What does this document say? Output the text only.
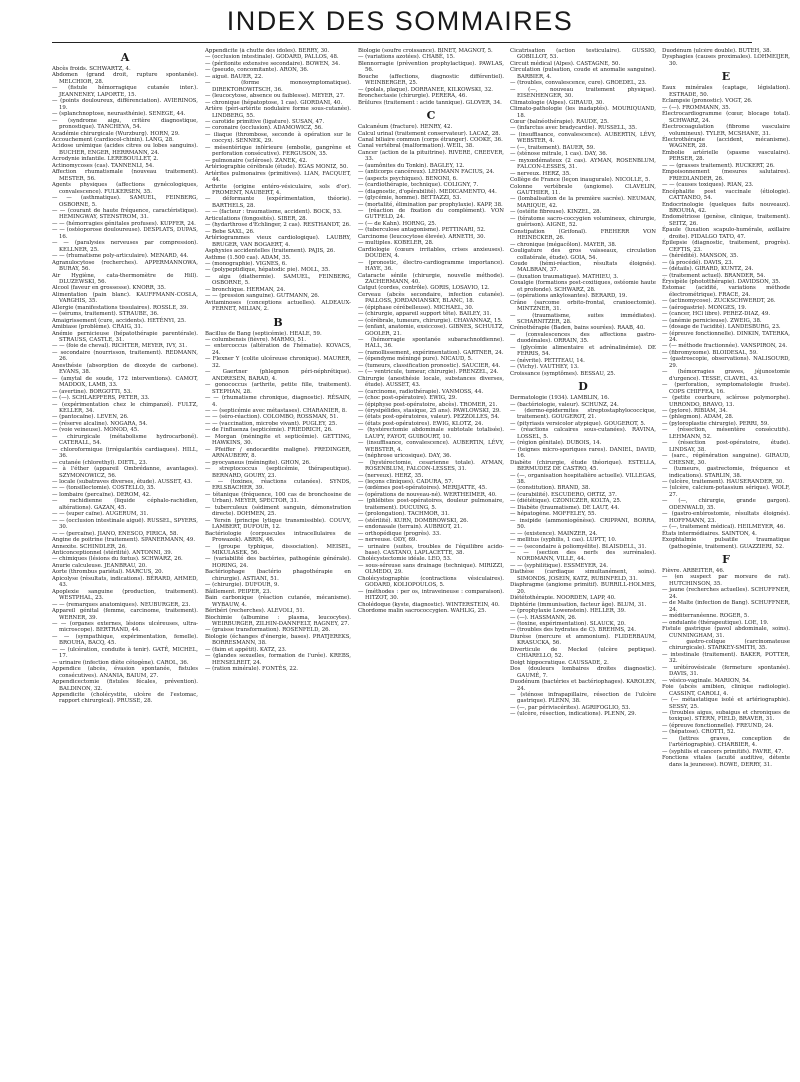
INDEX DES SOMMAIRES
A
Abcès froids. SCHWARTZ, 4.
Abdomen (grand droit, rupture spontanée). MELCHIOR, 28.
— (fistule hémorragique cutanée inter.). JEANNENEY, LAPORTE, 15.
— (points douloureux, différenciation). AVIERINOS, 19.
— (splanchnoptose, neurasthénie). SENEGE, 44.
— (syndrome aigu, critère diagnostique, pronostique). TANCHEVA, 54.
Académie chirurgicale (Wurzburg). HORN, 29.
Accouchement (cardiocol-chinin). LANG, 28.
Acidose urémique (acides citres ou lobes sanguins). BUCHER, ENGER, HERRMANN, 24.
Acrodynie infantile. LEREBOULLET, 2.
Actinomycoses (cas). TANNENLI, 54.
Affection rhumatismale (nouveau traitement). MESTER, 56.
Agents physiques (affections gynécologiques, convalescence). FULKERSEN, 35.
— — (asthmatique). SAMUEL, FEINBERG, OSBORNE, 5.
— — (courant de haute fréquence, caractéristique). HEMINGWAY, STENSTROM, 31.
— — (hémorragies génitales profuses). KUPFER, 24.
— — (ostéoporose douloureuse). DESPLATS, DUPAS, 16.
— — (paralysies nerveuses par compression). KELLNER, 25.
— — (rhumatisme poly-articulaire). MENARD, 44.
Agranulocytose (recherches). APPERMANNOWA, BURAY, 56.
Air Hygiène, cata-thermomètre de Hill). DLUZEWSKI, 56.
Alcool (faveur en grossesse). KNORR, 35.
Alimentation (pain blanc). KAUFFMANN-COSLA, VARGHIS, 35.
Allergie (manifestations tissulaires). ROSSLE, 39.
— (sérums, traitement). STRAUBE, 36.
Amaigrissement (cure, accidents). HETÉNYI, 25.
Amibiase (problème). CRAIG, 31.
Anémie pernicieuse (hépatothérapie parentérale). STRAUSS, CASTLE, 31.
— — (foie de cheval). RICHTER, MEYER, IVY, 31.
— secondaire (nourrisson, traitement). REDMANN, 26.
Anesthésie (absorption de dioxyde de carbone). EVANS, 38.
— (amytal de soude, 172 interventions). CAMOT, MADDOX, LAMB, 33.
— (avertine). BORGOTTI, 53.
— (—). SCHLAEPFERS, PETER, 33.
— (expérimentation chez le chimpanzé). FULTZ, KELLER, 34.
— (pantocaïne). LEVEN, 26.
— (réserve alcaline). NOGARA, 54.
— (voie veineuse). MONOD, 45.
— chirurgicale (métabolisme hydrocarboné). CATERALL, 54.
— chloroformique (irrégularités cardiaques). HILL, 36.
— cutanée (chlorethyl). DIETL, 23.
— à l'éther (appareil Ombrédanne, avantages). SZYMONOWICZ, 56.
— locale (subatraves diverses, étude). AUSSET, 43.
— — (tonsillectomie). COSTELLO, 35.
— lombaire (percaïne). DEROM, 42.
— rachidienne (liquide céphalo-rachidien, altérations). GAZAN, 45.
— — (super caïne). AUGERUM, 31.
— — (occlusion intestinale aiguë). RUSSEL, SPYERS, 30.
— — (percaïne). JIANO, ENESCO, FIRICA, 58.
Angine de poitrine (traitement). SPANERMANN, 49.
Annexite. SCHINDLER, 26.
Anticonceptionnel (stérilité). ANTONNI, 39.
— chimiques (lésions du fœtus). SCHWARZ, 26.
Anurie calculeuse. JEANBRAU, 20.
Aorte (thrombus pariétal). MARCUS, 20.
Apicolyse (résultats, indications). BÉRARD, AHMED, 43.
Apoplexie sanguine (production, traitement). WESTPHAL, 23.
— — (remarques anatomiques). NEUBURGER, 23.
Appareil génital (femme, carcinome, traitement). WERNER, 39.
— — (organes externes, lésions ulcéreuses, ultra-microscope). BERTRAND, 44.
— — (sympathique, expérimentation, femelle). BROUHA, BACQ, 45.
— — (ulcération, conduite à tenir). GATÉ, MICHEL, 17.
— urinaire (infection diète cétogène). CAROL, 36.
Appendice (abcès, évasion spontanée, fistules consécutives). ANANIA, BAIUM, 27.
Appendicectomie (fistules fécales, prévention). BALDINON, 32.
Appendicite (cholécystite, ulcère de l'estomac, rapport chirurgical). PRUSSE, 28.
Appendicite (à chutte des idoles). BERRY, 30.
— (occlusion intestinale). GODARD, PALLOS, 48.
— (péritonite extensive secondaire). BOWEN, 34.
— (pseudo, concomitante). ARON, 36.
— aiguë. BAUER, 22.
— (forme monosymptomatique). DIREKTOROWITSCH, 36.
— (leucocytose, absence ou faiblesse). MEYER, 27.
— chronique (hépatoptose, 1 cas). GIORDANI, 40.
Artère (péri-artérite nodulaire forme sous-cutanée). LINDBERG, 55.
— carotide primitive (ligature). SUSAN, 47.
— coronaire (occlusion). ADAMOWICZ, 56.
— iliaque (thrombose, seconde à opération sur le coccyx). SENNEK, 29.
— mésentérique inférieure (embolie, gangrène et perforation consécutive). FERGUSON, 35.
— pulmonaire (sclérose). ZANEK, 42.
Artériographie cérébrale (étude). EGAS MONIZ, 50.
Artérites pulmonaires (primitives). LIAN, FACQUET, 44.
Arthrite (origine entéro-vésiculaire, sols d'or). FROMENT, NAUBERT, 4.
— déformante (expérimentation, théorie). BARTHELS, 28.
— — (facteur : traumatisme, accident). BOCK, 53.
Articulations (fongosités). SIBER, 28.
— (hydarthrose d'Echlinger, 2 cas). RESTHANDT, 26.
— Bebe SAXL, 26.
Artériogrammes vieux cardiologique). LAUBRY, BRUGER, VAN BOGAERT, 4.
Asphyxies accidentelles (traitement). PAJIS, 26.
Asthme (1.500 cas). ADAM, 35.
— (monographie). VIGNES, 6.
— (polypeptidique, hépatodic pie). MOLL, 35.
— aigu (diathermie). SAMUEL, FEINBERG, OSBORNE, 5.
— bronchique. HERMAN, 24.
— — (pression sanguine). GUTMANN, 26.
Avitaminoses (conceptions actuelles). ALDEAUX-FERNET, MILIAN, 2.
B
Bacillus de Bang (septicémie). HEALE, 59.
— columbensis (fièvre). MARMO, 51.
— entercoccus (altération de l'hématie). KOVACS, 24.
— Flexner Y (colite ulcéreuse chronique). MAURER, 32.
— Gaertner (phlegmon péri-néphrétique). ANDRESEN, BARAD, 4.
— gonococcus (arthrite, petite fille, traitement). STEPHAN, 28.
— — (rhumatisme chronique, diagnostic). RÉSAIN, 4.
— — (septicémie avec métastases). CHARANIER, 8.
— — (séro-réaction). COLOMBO, ROSSMAN, 51.
— — (vaccination, microbe vivant). PUGLEY, 25.
— de l'influenza (septicémie). FRIEDRICH, 26.
— Morgan (méningite et septicémie). GETTING, HAWKINS, 30.
— Pfeiffer / endocardite maligne). FREDINGER, ARNAUBERY, 8.
— pyocyaneus (méningite). GHON, 26.
— streptococcus (septicémie, thérapeutique). BERNARD, GOURY, 23.
— — (toxines, réactions cutanées). SYNDS, ERLSBACHER, 39.
— tétanique (fréquence, 100 cas de bronchosine de Urban). MEYER, SPECTOR, 31.
— tuberculeux (sédiment sanguin, démonstration directe). DOHMEN, 25.
— Yersin (principe lytique transmissible). COUVY, LAMBERT, DUFOUR, 12.
Bactériologie (corpuscules intracellulaires de Prowazek). ABRIN, 46.
— (groupe typhique, dissociation). MEISEL, MIKULASEK, 56.
— (variabilité des bactéries, pathogénie générale). HORING, 24.
Bactériophage (bactério phagothérapie en chirurgie). ASTIANI, 51.
— (chirurgie). DUFOUR, 9.
Bâillement. PEIPER, 23.
Bain carbonique (réaction cutanée, mécanisme). WYBAUW, 4.
Béribéri (recherches). ALEVOLI, 51.
Biochimie (albumine : plasma, leucocytes). WEIRBURGER, ZILHIN-DANNFELT, RAGNEY, 27.
— (graisse transformation). ROSENFELD, 26.
Biologie (échanges d'énergie, bases). PRATJEREKS, BORRESMANN, 38.
— (faim et appétit). KATZ, 23.
— (glandes sexuelles, formation de l'urée). KREBS, HENSELREIT, 24.
— (ration minérale). FONTÈS, 22.
Biologie (soufre croissance). BINET, MAGNOT, 5.
— (variations azotées). CHABÉ, 15.
Blennorragie (prévention prophylactique). PAWLAS, 56.
Bouche (affections, diagnostic différentiel). WEINBERGER, 25.
— (polals, plaque). DORRANEE, KILKOWSKI, 32.
Bronchectasie (chirurgie). PERERA, 46.
Brûlures (traitement : acide tannique). GLOVER, 34.
C
Calcanéum (fracture). HENRY, 42.
Calcul urinal (traitement conservateur). LACAZ, 28.
Canal biliaire commun (corps étranger). COOKE, 36.
Canal vertébral (malformation). WEIL, 38.
Cancer (action de la pituitrine). RIVERE, CREEVER, 33.
— (aumônites du Tonkin). BAGLEY, 12.
— (anticorps cancéreux). LEHMANN FACIUS, 24.
— (aspects psychiques). BENONI, 6.
— (cardiothérapie, technique). COLIGNY, 7.
— (diagnostic, d'opérabilité). MEDICAMENTO, 44.
— (glycémie, homme). BETTAZZI, 53.
— (mortalité, élimination par prophylaxie). KAPP, 38.
— (réaction de fixation du complément). VON GUTFELD, 24.
— (— de Kahn). HORNG, 25.
— (tuberculose antagonisme). PETTINARI, 52.
Carcinome (leucocytose élevée). ARNETH, 30.
— multiples. KOBELER, 28.
Cardiologie (cœurs irritables, crises anxieuses). DOUDEN, 4.
— (pronostic, électro-cardiogramme importance). HAYE, 36.
Cataracte sénile (chirurgie, nouvelle méthode). ZACHERMANN, 40.
Catgut (cordes, contrôle). GORIS, LOSAVIO, 12.
Cerveau (abcès secondaire, infection cutanée). PALLOSS, JORDANIANSKY, BLANC, 18.
— (épiphase cérébelleuse). MICHAEL, 30.
— (chirurgie, appareil support tête). BAILEY, 31.
— (cérébrale, tumeurs, chirurgie). CHAVANNAZ, 15.
— (enfant, anatomie, exsiccose). GIBNES, SCHULTZ, GOOLER, 21.
— (hémorragie spontanée subarachnoïdienne). HALL, 36.
— (ramollissement, expérimentation). GARTNER, 24.
— (épendyme méningé pure). NICAUD, 5.
— (tumeurs, classification pronostic). SAUCIER, 44.
— (— ventricule, tumeur, chirurgie). PRENZEL, 24.
Chirurgie (anesthésie locale, substances diverses, étude). AUSSET, 43.
— (carcinome, radiothérapie). VANMOSS, 44.
— (choc post-opératoire). EWIG, 29.
— (épiphyse post-opératoire, abcès). TROMER, 21.
— (érysipélides, stasique, 25 ans). PAWLOWSKI, 29.
— (états post-opératoires, valeur). PEZZOLLES, 54.
— (états post-opératoires). EWIG, KLOTZ, 24.
— (hystérectomie abdominale subtotale totalisée). LAUFY, FAYOT, GUIBOURT, 10.
— (insuffisance, convalescence). AUBERTIN, LÉVY, WEBSTER, 4.
— (néphrose uricosique). DAY, 36.
— (hystérectomie, cesarienne totale). AYMAN, ROSENBLUM, FALCON-LESSES, 31.
— (nerveux). HERZ, 35.
— (leçons cliniques). CADURA, 57.
— (œdèmes post-opératoires). MERIJATTE, 45.
— (opérations de nouveau-né). WERTHEIMER, 40.
— (phlébites post-opératoires, douleur pulmonaire, traitement). DUCUING, 5.
— (prolongation). TACHMOR, 31.
— (stérilité). KURN, DOMBROWSKI, 26.
— endonasale (terrain). AUBRIOT, 21.
— orthopédique (progrès). 33.
— nerveuse. ODY, 69.
— urinaire (suites, troubles de l'équilibre acido-base). CASTANO, LAPLACETTE, 38.
Cholécystectomie idéale. LEO, 53.
— sous-séreuse sans drainage (technique). MIRIZZI, OLMEDO, 29.
Cholécystographie (contractions vésiculaires). GODARD, KOLIOPOULOS, 5.
— (méthodes : per os, intraveineuse : comparaison). HITZOT, 30.
Cholédoque (kyste, diagnostic). WINTERSTEIN, 40.
Chordome malin sacrococcygien. WAHLIG, 25.
Cicatrisation (action testiculaire). GUSSIO, GOBILLOT, 53.
Circuit médical (Alpes). CASTAGNE, 50.
Circulation (pulsation, coude et anomalie sanguine). BARBIER, 4.
— (troubles, convalescence, cure). GROEDEL, 23.
— (—, nouveau traitement physique). EISENHENGER, 30.
Climatologie (Alpes). GIRAUD, 30.
Climato-pathologie (les inadaptés). MOURIQUAND, 18.
Cœur (balnéothérapie). RAUDE, 25.
— (infarctus avec bradycardie). RUSSELL, 35.
— (insuffisance, convalescence). AUBERTIN, LÉVY, WEBSTER, 4.
— (—, traitement). BAUER, 59.
— (sténose mitrale, 1 cas). DAY, 36.
— myxœdémateux (2 cas). AYMAN, ROSENBLUM, FALCON-LESSES, 31.
— nerveux. HERZ, 35.
Collège de France (leçon inaugurale). NICOLLE, 5.
Colonne vertébrale (angiome). CLAVELIN, GAUTHIER, 11.
— (lombalisation de la première sacrée). NEUMAN, MARIQUE, 42.
— (ostéite fibreuse). KINZEL, 28.
— (tératome sacro-coccygien volumineux, chirurgie, guérison). AIGNE, 52.
Constipation (Grifonal). FREHERR VON HEINECKER, 26.
— chronique (mégacôlon). MAYER, 38.
Couligature des gros vaisseaux, circulation collatérale, étude). GOIA, 54.
Coude (hémi-réaction, résultats éloignés). MALBRAN, 37.
— (luxation traumatique). MATHIEU, 3.
Coxalgie (formations post-coxitiques, ostéomie haute et profonde). SCHWARZ, 28.
— (opérations ankylosantes). BERARD, 19.
Crâne (sarcome orbito-frontal, cranioectomie). MINTZNER, 31.
— (traumatisme, suites immédiates). SCHARNITZER, 28.
Crénothérapie (Baden, bains sourées). RAAB, 40.
— (convalescences des affections gastro-duodénales). ORRAIN, 35.
— (glycémie alimentaire et adrénalinémie). DE FERRIS, 54.
— (névrite). PETITEAU, 14.
— (Vichy). VAUTHEY, 13.
Croissance (symptômes). BESSAU, 25.
D
Dermatologie (1934). LAMBLIN, 16.
— (bactériologie, valeur). SCHUNZ, 24.
— (dermo-épidermites streptostaphylococcique, traitement). GOUGEROT, 21.
— (pityriasis versicolor atypique). GOUGEROT, 5.
— (réactions calcaires sous-cutanées). RAVINA, LOSSEL, 5.
— (région génitale). DUBOIS, 14.
— (teignes micro-sporiques rares). DANIEL, DAVID, 16.
Diabète (chirurgie, étude théorique). ESTELLA, BERMUDEZ DE CASTRO, 45.
— (—, organisation hospitalière actuelle). VILLEGAS, 38.
— (constitution). BRAND, 38.
— (curabilité). ESCUDERO, ORTIZ, 37.
— (diététique). CZONICZER, KOLTA, 25.
— Diabète (traumatisme). DE LAUT, 44.
— hépatogène. MOFFELEY, 55.
— insipide (ammoniogénèse). CRIPPANI, BORRA, 50.
— — (existence). MAINZER, 24.
— mellitus (syphilis, 1 cas). LUPTT, 10.
— — (secondaire à poliomyélite). BLAISDELL, 31.
— — (section des nerfs des surrénales). NORDMANN, VILLE, 44.
— — (syphilitique). ESSMEYER, 24.
Diathèse (cardiaque simultanément, soins). SIMONDS, JOSEIN, KATZ, RUBINFELD, 31.
Diaphragme (angiome primitif). BURRILL-HOLMES, 20.
Diététothérapie. NOORDEN, LAPP, 40.
Diphtérie (immunisation, facteur âge). BLUM, 31.
— (prophylaxie Lowenstein). HELLER, 39.
— (—). HASSMANN, 26.
— (toxine, expérimentation). SLAUCK, 20.
— (troubles des hydrates de C). BREHMS, 24.
Diurèse (mercure et ammonium). FLIDERBAUM, KRASUCKA, 56.
Diverticule de Meckel (ulcère peptique). CHIARELLO, 52.
Doigt hippocratique. CAUSSADE, 2.
Dos (douleurs lombaires droites diagnostic). GAUMÉ, 7.
Duodénum (bactéries et bactériophages). KAROLEN, 24.
— (sténose infrapapillaire, résection de l'ulcère gastrique). PLENN, 38.
— (—, par périviscérites). AGRIFOGLIO, 53.
— (ulcère, résection, indications). PLENN, 29.
Duodénum (ulcère double). BUTEH, 38.
Dysphagies (causes proximales). LOHMEIJER, 30.
E
Eaux minérales (captage, législation). ESTRADE, 50.
Eclampsie (pronostic). VOGT, 26.
— (—). FROMMANN, 35.
Électrocardiogramme (cœur, blocage total). SCHWARZ, 24.
Électrocoagulation (fibrome vasculaire volumineux). TYLER, MCSHANE, 31.
Électrothérapie (accident, mécanisme). WAGNER, 28.
Embolie artérielle (spasme vasculaire). PERSER, 28.
— — (grasses traitement). RUCKERT, 26.
Empoisonnement (mesures salutaires). FRIEDLANDER, 26.
— — (causes toxiques). RIAN, 23.
Encéphalite post vaccinale (étiologie). CATTANEO, 54.
Endocrinologie (quelques faits nouveaux). BROUHA, 42.
Endométriose (genèse, clinique, traitement). SEITZ, 26.
Épaule (luxation scapulo-humérale, axillaire droite). FIDALGO TATO, 47.
Épilepsie (diagnostic, traitement, progrès). CEFTIS, 23.
— (hérédité). MANSON, 35.
— (à procédé). DAVIS, 23.
— (détails). GIRARD, KUNTZ, 24.
— (traitement actuel). BRANDER, 54.
Érysipèle (phototthérapie). DAVIDSON, 35.
Estomac (acidité, variations méthode électrométrique). FRACE, 24.
— (actinomycose). ZUCKSCHWERDT, 26.
— (aérogastrie). MONGES, 19.
— (cancer, HCl libre). PEREZ-DIAZ, 49.
— (anémie pernicieuse). ZWEIG, 38.
— (dosage de l'acidité). LANDESBURG, 23.
— (épreuve fonctionnelle). DINKIN, TATERKA, 24.
— (— méthode fractionnée). VANSPIRON, 24.
— (fibromyxome). BLOIDESAL, 59.
— (gastroscopie, observations). NALISOURD, 29.
— (hémorragies graves, jéjunostomie d'urgence). TESSE, CLAVEL, 43.
— (perforation, symptomatologie fruste). COPS CHIFFEA, 16.
— (petite courbure, sclérose polymorphe). URRONDO, BRAVO, 13.
— (pylore). RIBIAM, 34.
— (phlegmon). ADAM, 28.
— (pyloroplastie chirurgie). PERRI, 59.
— (résection, mésentère consécutifs). LEHMANN, 52.
— (résection post-opératoire, étude). LINDSAY, 38.
— (sarc., régénération sanguine). GIRAUD, CHESNE, 30.
— (tumeurs, gastrectomie, fréquence et indications). STARLIN, 38.
— (ulcère, traitement). HAUSERANDER, 30.
— (ulcère, calcium-potassium sérique). WOLF, 27.
— (—, chirurgie, grande gargon). ODENWALD, 35.
— (gastro-entérostomie, résultats éloignés). HOFFMANN, 23.
— (—, traitement médical). HEILMEYER, 46.
États intermédiaires. SAINTON, 4.
Exophtalmie pulsatile traumatique (pathogénie, traitement). GUAZZIERI, 52.
F
Fièvre. ARBEITER, 46.
— (en suspect par morsure de rat). HUTCHINSON, 35.
— jaune (recherches actuelles). SCHUFFNER, 24.
— de Malte (infection de Bang). SCHUFFNER, 24.
— méditerranéenne. ROGER, 5.
— ondulante (thérapeutique). LOE, 19.
Fistule gastrique (pavol abdominale, soins). CUNNINGHAM, 31.
— gastro-colique (carcinomateuse chirurgicale). STARKEY-SMITH, 35.
— intestinale (traitement). BAKER, POTTER, 32.
— urétérovésicale (fermeture spontanée). DAVIS, 31.
— vésico-vaginale. MARION, 54.
Foie (abcès amibien, clinique radiologie). CASSINT, CAROLI, 4.
— (— métastatique isolé et artériographie). SESSY, 25.
— (troubles aigus, subaigus et chroniques de toxique). STERN, FIELD, BRAVER, 31.
— (épreuve fonctionnelle). FREUND, 24.
— (hépatose). CROTTI, 52.
— (lettres graves, conception de l'artériographie). CHARBIER, 4.
— (syphilis et cancers primitifs). FAVRE, 47.
Fonctions vitales (acuité auditive, détente dans la jeunesse). ROWE, DERRY, 31.
